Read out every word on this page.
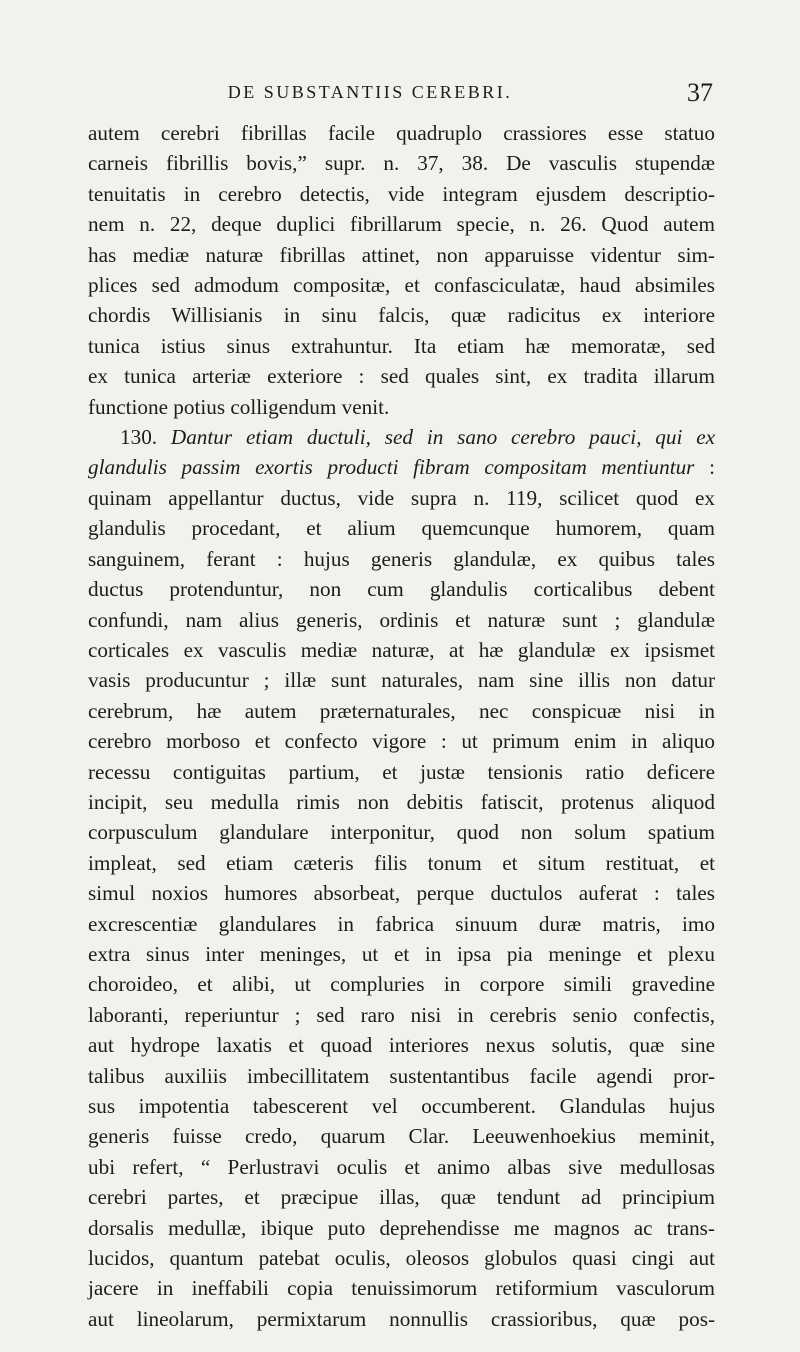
DE SUBSTANTIIS CEREBRI.	37
autem cerebri fibrillas facile quadruplo crassiores esse statuo
carneis fibrillis bovis,” supr. n. 37, 38. De vasculis stupendæ
tenuitatis in cerebro detectis, vide integram ejusdem descriptio-
nem n. 22, deque duplici fibrillarum specie, n. 26. Quod autem
has mediæ naturæ fibrillas attinet, non apparuisse videntur sim-
plices sed admodum compositæ, et confasciculatæ, haud absimiles
chordis Willisianis in sinu falcis, quæ radicitus ex interiore
tunica istius sinus extrahuntur. Ita etiam hæ memoratæ, sed
ex tunica arteriæ exteriore : sed quales sint, ex tradita illarum
functione potius colligendum venit.
130. Dantur etiam ductuli, sed in sano cerebro pauci, qui ex
glandulis passim exortis producti fibram compositam mentiuntur :
quinam appellantur ductus, vide supra n. 119, scilicet quod ex
glandulis procedant, et alium quemcunque humorem, quam
sanguinem, ferant : hujus generis glandulæ, ex quibus tales
ductus protenduntur, non cum glandulis corticalibus debent
confundi, nam alius generis, ordinis et naturæ sunt ; glandulæ
corticales ex vasculis mediæ naturæ, at hæ glandulæ ex ipsismet
vasis producuntur ; illæ sunt naturales, nam sine illis non datur
cerebrum, hæ autem præternaturales, nec conspicuæ nisi in
cerebro morboso et confecto vigore : ut primum enim in aliquo
recessu contiguitas partium, et justæ tensionis ratio deficere
incipit, seu medulla rimis non debitis fatiscit, protenus aliquod
corpusculum glandulare interponitur, quod non solum spatium
impleat, sed etiam cæteris filis tonum et situm restituat, et
simul noxios humores absorbeat, perque ductulos auferat : tales
excrescentiæ glandulares in fabrica sinuum duræ matris, imo
extra sinus inter meninges, ut et in ipsa pia meninge et plexu
choroideo, et alibi, ut compluries in corpore simili gravedine
laboranti, reperiuntur ; sed raro nisi in cerebris senio confectis,
aut hydrope laxatis et quoad interiores nexus solutis, quæ sine
talibus auxiliis imbecillitatem sustentantibus facile agendi pror-
sus impotentia tabescerent vel occumberent. Glandulas hujus
generis fuisse credo, quarum Clar. Leeuwenhoekius meminit,
ubi refert, “ Perlustravi oculis et animo albas sive medullosas
cerebri partes, et præcipue illas, quæ tendunt ad principium
dorsalis medullæ, ibique puto deprehendisse me magnos ac trans-
lucidos, quantum patebat oculis, oleosos globulos quasi cingi aut
jacere in ineffabili copia tenuissimorum retiformium vasculorum
aut lineolarum, permixtarum nonnullis crassioribus, quæ pos-
